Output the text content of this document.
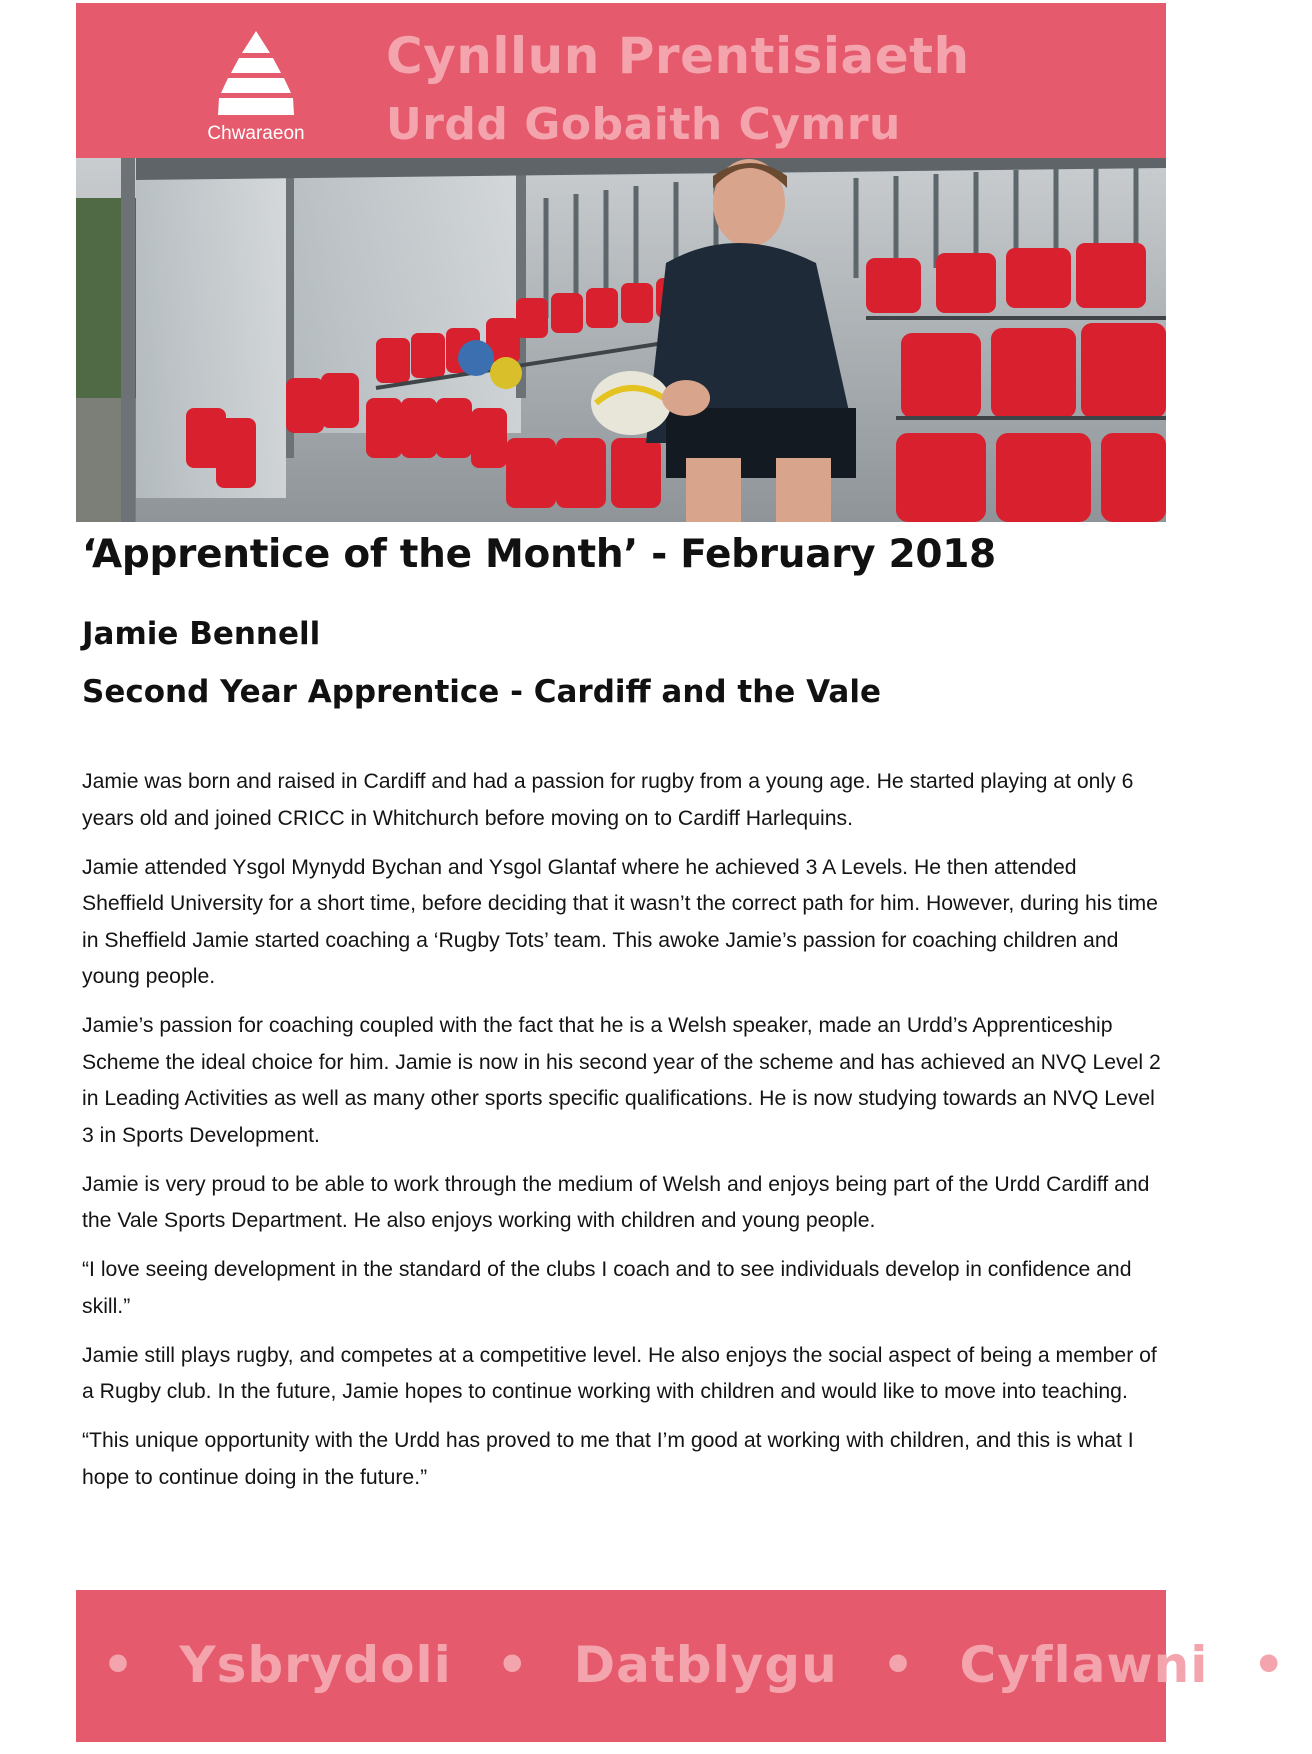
Chwaraeon
Cynllun Prentisiaeth
Urdd Gobaith Cymru
‘Apprentice of the Month’ - February 2018
Jamie Bennell
Second Year Apprentice - Cardiff and the Vale

Jamie was born and raised in Cardiff and had a passion for rugby from a young age. He started playing at only 6 years old and joined CRICC in Whitchurch before moving on to Cardiff Harlequins.

Jamie attended Ysgol Mynydd Bychan and Ysgol Glantaf where he achieved 3 A Levels. He then attended Sheffield University for a short time, before deciding that it wasn’t the correct path for him. However, during his time in Sheffield Jamie started coaching a ‘Rugby Tots’ team. This awoke Jamie’s passion for coaching children and young people.

Jamie’s passion for coaching coupled with the fact that he is a Welsh speaker, made an Urdd’s Apprenticeship Scheme the ideal choice for him. Jamie is now in his second year of the scheme and has achieved an NVQ Level 2 in Leading Activities as well as many other sports specific qualifications. He is now studying towards an NVQ Level 3 in Sports Development.

Jamie is very proud to be able to work through the medium of Welsh and enjoys being part of the Urdd Cardiff and the Vale Sports Department. He also enjoys working with children and young people.

“I love seeing development in the standard of the clubs I coach and to see individuals develop in confidence and skill.”

Jamie still plays rugby, and competes at a competitive level. He also enjoys the social aspect of being a member of a Rugby club. In the future, Jamie hopes to continue working with children and would like to move into teaching.

“This unique opportunity with the Urdd has proved to me that I’m good at working with children, and this is what I hope to continue doing in the future.”

• Ysbrydoli • Datblygu • Cyflawni •
